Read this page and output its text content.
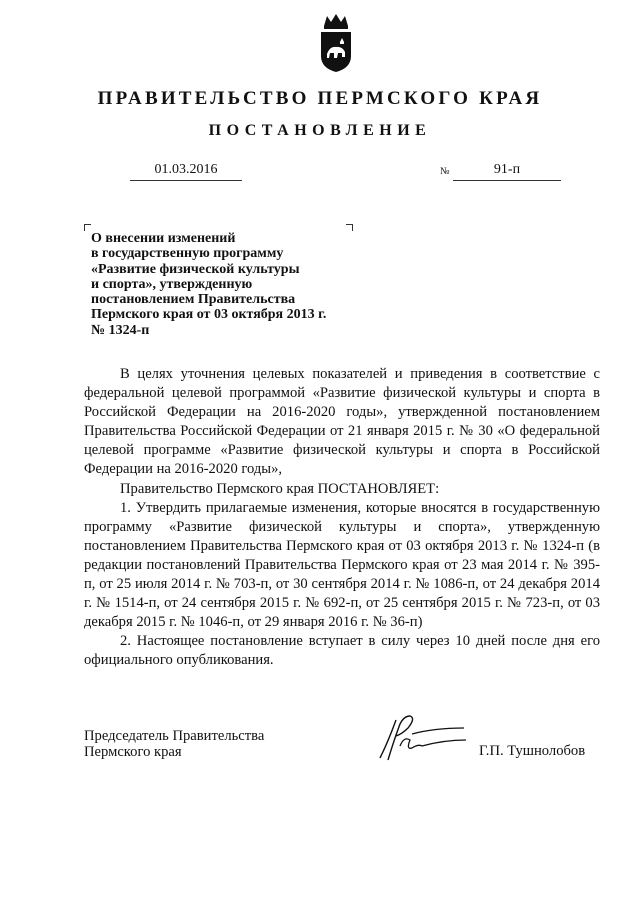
ПРАВИТЕЛЬСТВО ПЕРМСКОГО КРАЯ
ПОСТАНОВЛЕНИЕ
01.03.2016	№	91-п

О внесении изменений
в государственную программу
«Развитие физической культуры
и спорта», утвержденную
постановлением Правительства
Пермского края от 03 октября 2013 г.
№ 1324-п

В целях уточнения целевых показателей и приведения в соответствие с федеральной целевой программой «Развитие физической культуры и спорта в Российской Федерации на 2016-2020 годы», утвержденной постановлением Правительства Российской Федерации от 21 января 2015 г. № 30 «О федеральной целевой программе «Развитие физической культуры и спорта в Российской Федерации на 2016-2020 годы»,

Правительство Пермского края ПОСТАНОВЛЯЕТ:

1. Утвердить прилагаемые изменения, которые вносятся в государственную программу «Развитие физической культуры и спорта», утвержденную постановлением Правительства Пермского края от 03 октября 2013 г. № 1324-п (в редакции постановлений Правительства Пермского края от 23 мая 2014 г. № 395-п, от 25 июля 2014 г. № 703-п, от 30 сентября 2014 г. № 1086-п, от 24 декабря 2014 г. № 1514-п, от 24 сентября 2015 г. № 692-п, от 25 сентября 2015 г. № 723-п, от 03 декабря 2015 г. № 1046-п, от 29 января 2016 г. № 36-п)

2. Настоящее постановление вступает в силу через 10 дней после дня его официального опубликования.

Председатель Правительства
Пермского края	Г.П. Тушнолобов
